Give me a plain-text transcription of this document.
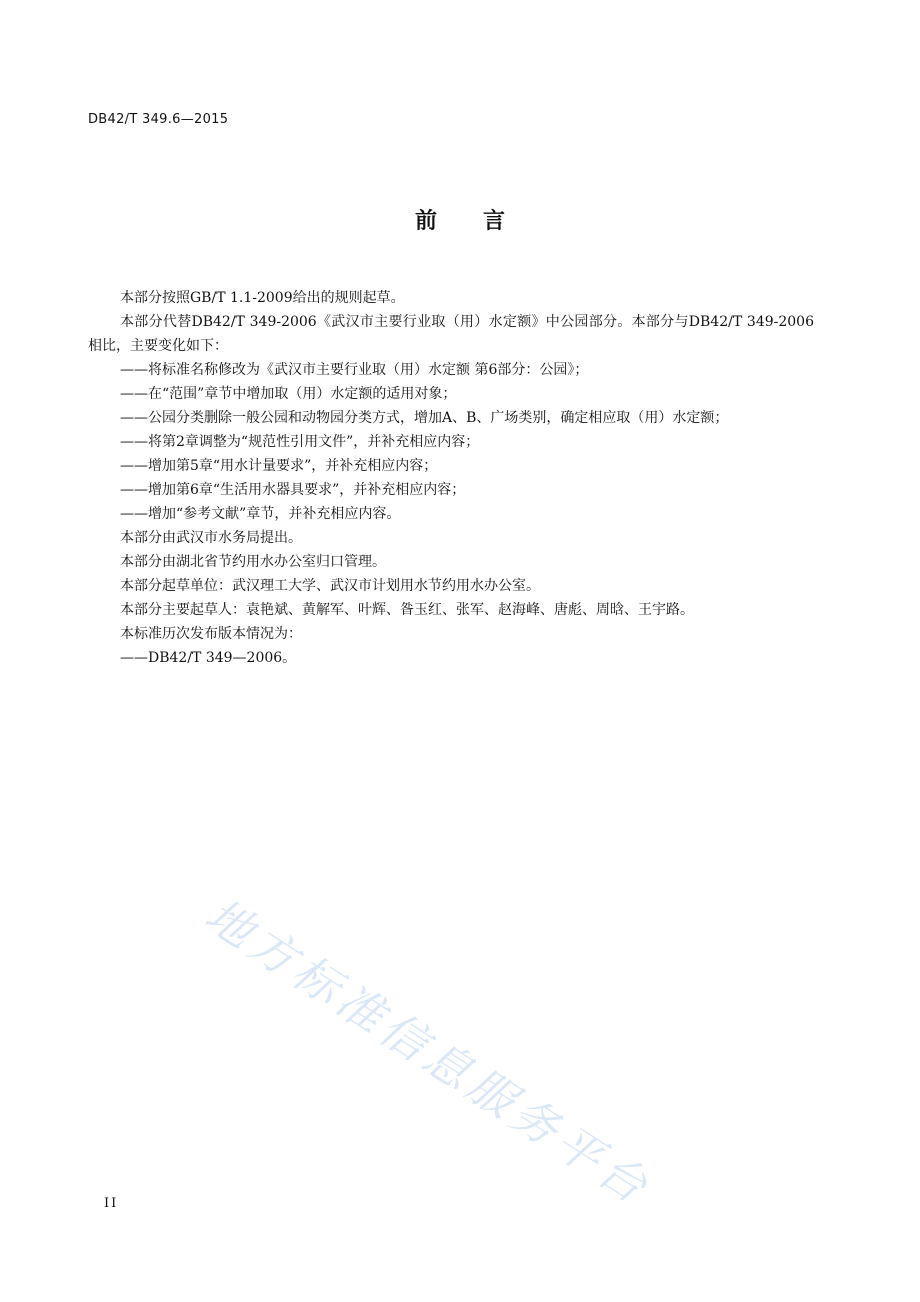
DB42/T 349.6—2015
前言

本部分按照GB/T 1.1-2009给出的规则起草。

本部分代替DB42/T 349-2006《武汉市主要行业取（用）水定额》中公园部分。本部分与DB42/T 349-2006相比，主要变化如下：

——将标准名称修改为《武汉市主要行业取（用）水定额 第6部分：公园》；

——在“范围”章节中增加取（用）水定额的适用对象；

——公园分类删除一般公园和动物园分类方式，增加A、B、广场类别，确定相应取（用）水定额；

——将第2章调整为“规范性引用文件”，并补充相应内容；

——增加第5章“用水计量要求”，并补充相应内容；

——增加第6章“生活用水器具要求”，并补充相应内容；

——增加“参考文献”章节，并补充相应内容。

本部分由武汉市水务局提出。

本部分由湖北省节约用水办公室归口管理。

本部分起草单位：武汉理工大学、武汉市计划用水节约用水办公室。

本部分主要起草人：袁艳斌、黄解军、叶辉、昝玉红、张军、赵海峰、唐彪、周晗、王宇路。

本标准历次发布版本情况为：

——DB42/T 349—2006。

地方标准信息服务平台
II
